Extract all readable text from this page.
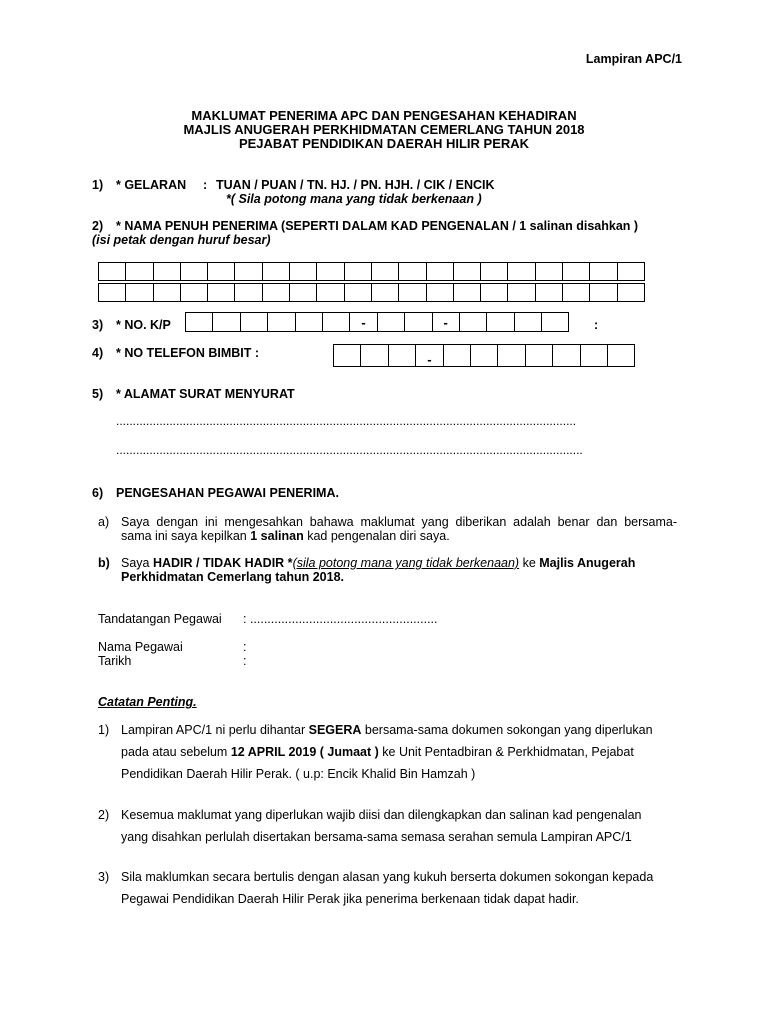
Lampiran APC/1
MAKLUMAT PENERIMA APC DAN PENGESAHAN KEHADIRAN
MAJLIS ANUGERAH PERKHIDMATAN CEMERLANG TAHUN 2018
PEJABAT PENDIDIKAN DAERAH HILIR PERAK
1) * GELARAN : TUAN / PUAN / TN. HJ. / PN. HJH. / CIK / ENCIK
*( Sila potong mana yang tidak berkenaan )
2) * NAMA PENUH PENERIMA (SEPERTI DALAM KAD PENGENALAN / 1 salinan disahkan )
(isi petak dengan huruf besar)
3) * NO. K/P	-	-	:
4) * NO TELEFON BIMBIT :	-
5) * ALAMAT SURAT MENYURAT
..........................................................................................................................................
............................................................................................................................................
6) PENGESAHAN PEGAWAI PENERIMA.
a) Saya dengan ini mengesahkan bahawa maklumat yang diberikan adalah benar dan bersama-
sama ini saya kepilkan 1 salinan kad pengenalan diri saya.
b) Saya HADIR / TIDAK HADIR *(sila potong mana yang tidak berkenaan) ke Majlis Anugerah
Perkhidmatan Cemerlang tahun 2018.
Tandatangan Pegawai : ......................................................
Nama Pegawai	:
Tarikh	:
Catatan Penting.
1) Lampiran APC/1 ni perlu dihantar SEGERA bersama-sama dokumen sokongan yang diperlukan
pada atau sebelum 12 APRIL 2019 ( Jumaat ) ke Unit Pentadbiran & Perkhidmatan, Pejabat
Pendidikan Daerah Hilir Perak. ( u.p: Encik Khalid Bin Hamzah )
2) Kesemua maklumat yang diperlukan wajib diisi dan dilengkapkan dan salinan kad pengenalan
yang disahkan perlulah disertakan bersama-sama semasa serahan semula Lampiran APC/1
3) Sila maklumkan secara bertulis dengan alasan yang kukuh berserta dokumen sokongan kepada
Pegawai Pendidikan Daerah Hilir Perak jika penerima berkenaan tidak dapat hadir.
